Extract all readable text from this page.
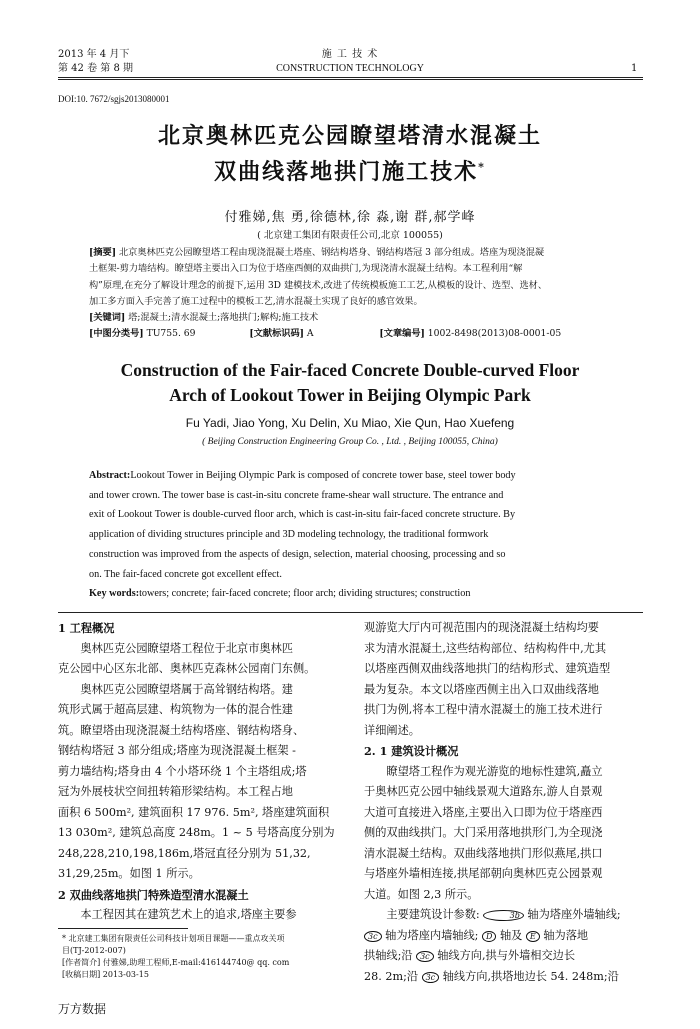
2013 年 4 月下
第 42 卷 第 8 期
施 工 技 术
CONSTRUCTION TECHNOLOGY	1
DOI:10. 7672/sgjs2013080001
北京奥林匹克公园瞭望塔清水混凝土
双曲线落地拱门施工技术*
付雅娣,焦 勇,徐德林,徐 淼,谢 群,郝学峰
( 北京建工集团有限责任公司,北京 100055)
[摘要] 北京奥林匹克公园瞭望塔工程由现浇混凝土塔座、钢结构塔身、钢结构塔冠 3 部分组成。塔座为现浇混凝
土框架-剪力墙结构。瞭望塔主要出入口为位于塔座西侧的双曲拱门,为现浇清水混凝土结构。本工程利用“解
构”原理,在充分了解设计理念的前提下,运用 3D 建模技术,改进了传统模板施工工艺,从模板的设计、选型、选材、
加工多方面入手完善了施工过程中的模板工艺,清水混凝土实现了良好的感官效果。
[关键词] 塔;混凝土;清水混凝土;落地拱门;解构;施工技术
[中图分类号] TU755. 69	[文献标识码] A	[文章编号] 1002-8498(2013)08-0001-05
Construction of the Fair-faced Concrete Double-curved Floor
Arch of Lookout Tower in Beijing Olympic Park
Fu Yadi, Jiao Yong, Xu Delin, Xu Miao, Xie Qun, Hao Xuefeng
( Beijing Construction Engineering Group Co. , Ltd. , Beijing 100055, China)
Abstract:Lookout Tower in Beijing Olympic Park is composed of concrete tower base, steel tower body
and tower crown. The tower base is cast-in-situ concrete frame-shear wall structure. The entrance and
exit of Lookout Tower is double-curved floor arch, which is cast-in-situ fair-faced concrete structure. By
application of dividing structures principle and 3D modeling technology, the traditional formwork
construction was improved from the aspects of design, selection, material choosing, processing and so
on. The fair-faced concrete got excellent effect.
Key words:towers; concrete; fair-faced concrete; floor arch; dividing structures; construction

1 工程概况

奥林匹克公园瞭望塔工程位于北京市奥林匹

克公园中心区东北部、奥林匹克森林公园南门东侧。

奥林匹克公园瞭望塔属于高耸钢结构塔。建

筑形式属于超高层建、构筑物为一体的混合性建

筑。瞭望塔由现浇混凝土结构塔座、钢结构塔身、

钢结构塔冠 3 部分组成;塔座为现浇混凝土框架 -

剪力墙结构;塔身由 4 个小塔环绕 1 个主塔组成;塔

冠为外展枝状空间扭转箱形梁结构。本工程占地

面积 6 500m², 建筑面积 17 976. 5m², 塔座建筑面积

13 030m², 建筑总高度 248m。1 ~ 5 号塔高度分别为

248,228,210,198,186m,塔冠直径分别为 51,32,

31,29,25m。如图 1 所示。

2 双曲线落地拱门特殊造型清水混凝土

本工程因其在建筑艺术上的追求,塔座主要参

* 北京建工集团有限责任公司科技计划项目课题——重点攻关项
目(TJ-2012-007)
[作者简介] 付雅娣,助理工程师,E-mail:416144740@ qq. com
[收稿日期] 2013-03-15

观游览大厅内可视范围内的现浇混凝土结构均要

求为清水混凝土,这些结构部位、结构构件中,尤其

以塔座西侧双曲线落地拱门的结构形式、建筑造型

最为复杂。本文以塔座西侧主出入口双曲线落地

拱门为例,将本工程中清水混凝土的施工技术进行

详细阐述。

2. 1 建筑设计概况

瞭望塔工程作为观光游览的地标性建筑,矗立

于奥林匹克公园中轴线景观大道路东,游人自景观

大道可直接进入塔座,主要出入口即为位于塔座西

侧的双曲线拱门。大门采用落地拱形门,为全现浇

清水混凝土结构。双曲线落地拱门形似燕尾,拱口

与塔座外墙相连接,拱尾部朝向奥林匹克公园景观

大道。如图 2,3 所示。

主要建筑设计参数:	3b 轴为塔座外墙轴线;

3c 轴为塔座内墙轴线; D 轴及 E 轴为落地

拱轴线;沿 3c 轴线方向,拱与外墙相交边长

28. 2m;沿 3c 轴线方向,拱塔地边长 54. 248m;沿

万方数据
